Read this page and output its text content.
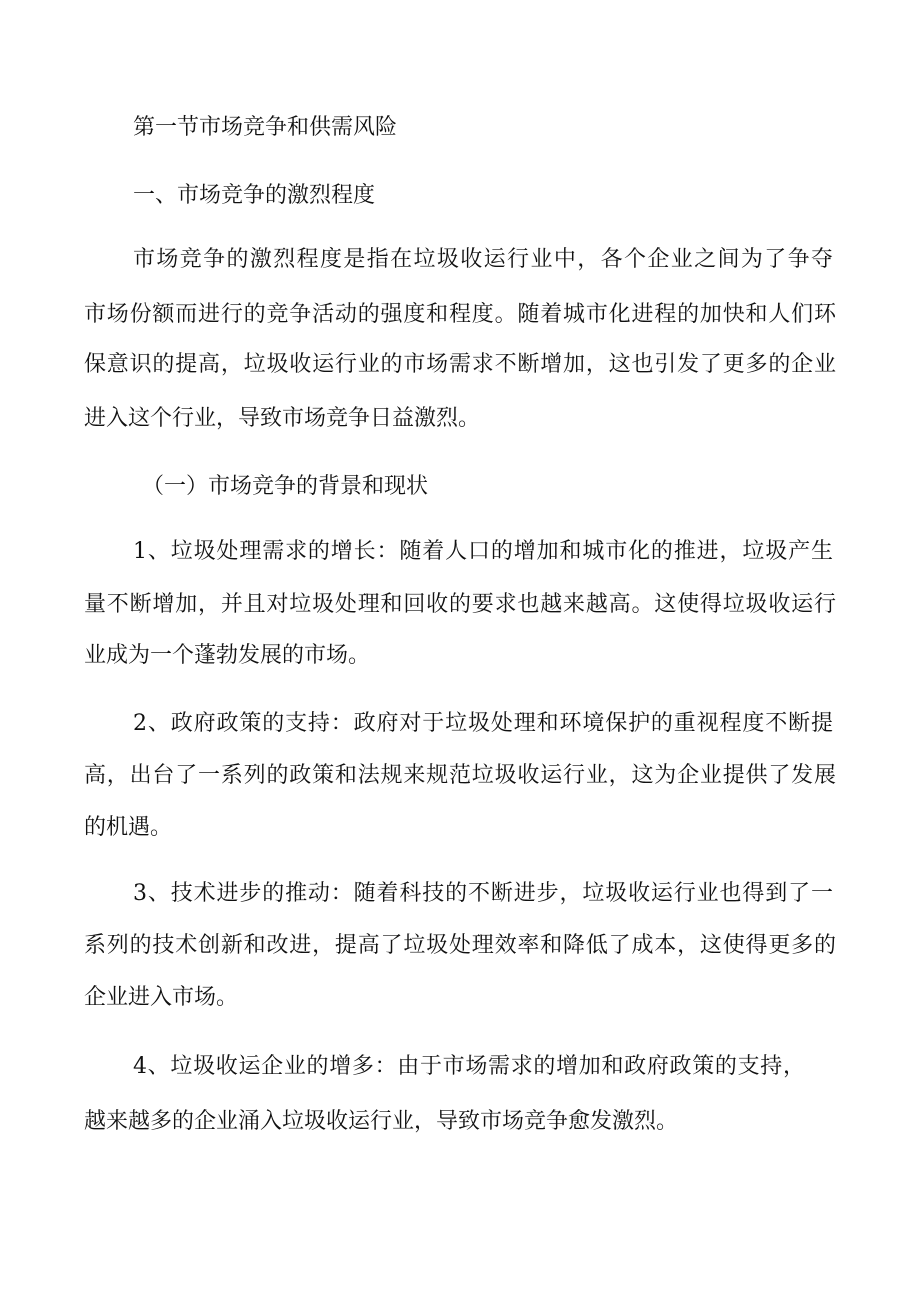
第一节市场竞争和供需风险
一、市场竞争的激烈程度
市场竞争的激烈程度是指在垃圾收运行业中，各个企业之间为了争夺
市场份额而进行的竞争活动的强度和程度。随着城市化进程的加快和人们环
保意识的提高，垃圾收运行业的市场需求不断增加，这也引发了更多的企业
进入这个行业，导致市场竞争日益激烈。
（一）市场竞争的背景和现状
1、垃圾处理需求的增长：随着人口的增加和城市化的推进，垃圾产生
量不断增加，并且对垃圾处理和回收的要求也越来越高。这使得垃圾收运行
业成为一个蓬勃发展的市场。
2、政府政策的支持：政府对于垃圾处理和环境保护的重视程度不断提
高，出台了一系列的政策和法规来规范垃圾收运行业，这为企业提供了发展
的机遇。
3、技术进步的推动：随着科技的不断进步，垃圾收运行业也得到了一
系列的技术创新和改进，提高了垃圾处理效率和降低了成本，这使得更多的
企业进入市场。
4、垃圾收运企业的增多：由于市场需求的增加和政府政策的支持，
越来越多的企业涌入垃圾收运行业，导致市场竞争愈发激烈。
